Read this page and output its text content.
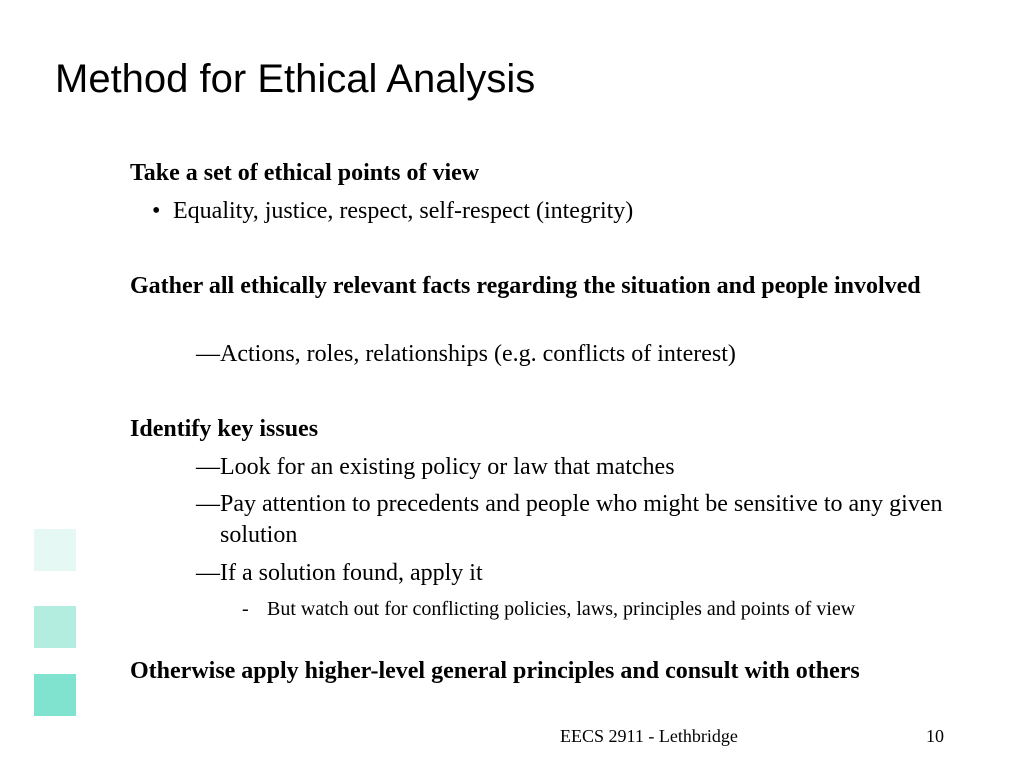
Method for Ethical Analysis
Take a set of ethical points of view
• Equality, justice, respect, self-respect (integrity)
Gather all ethically relevant facts regarding the situation and people involved
—Actions, roles, relationships (e.g. conflicts of interest)
Identify key issues
—Look for an existing policy or law that matches
—Pay attention to precedents and people who might be sensitive to any given solution
—If a solution found, apply it
- But watch out for conflicting policies, laws, principles and points of view
Otherwise apply higher-level general principles and consult with others
EECS 2911 - Lethbridge	10
